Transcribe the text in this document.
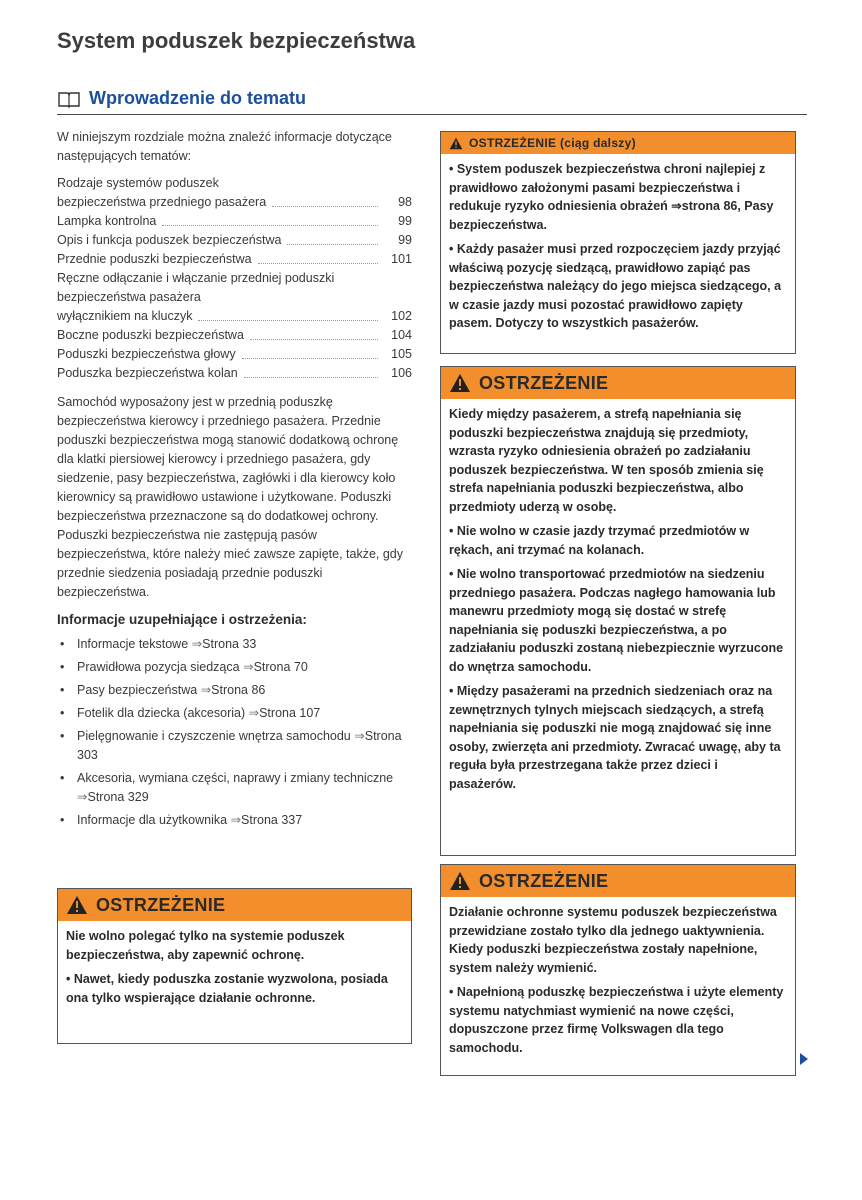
System poduszek bezpieczeństwa
Wprowadzenie do tematu

W niniejszym rozdziale można znaleźć informacje dotyczące następujących tematów:

Rodzaje systemów poduszek
bezpieczeństwa przedniego pasażera	98
Lampka kontrolna	99
Opis i funkcja poduszek bezpieczeństwa	99
Przednie poduszki bezpieczeństwa	101
Ręczne odłączanie i włączanie przedniej poduszki bezpieczeństwa pasażera
wyłącznikiem na kluczyk	102
Boczne poduszki bezpieczeństwa	104
Poduszki bezpieczeństwa głowy	105
Poduszka bezpieczeństwa kolan	106

Samochód wyposażony jest w przednią poduszkę bezpieczeństwa kierowcy i przedniego pasażera. Przednie poduszki bezpieczeństwa mogą stanowić dodatkową ochronę dla klatki piersiowej kierowcy i przedniego pasażera, gdy siedzenie, pasy bezpieczeństwa, zagłówki i dla kierowcy koło kierownicy są prawidłowo ustawione i użytkowane. Poduszki bezpieczeństwa przeznaczone są do dodatkowej ochrony. Poduszki bezpieczeństwa nie zastępują pasów bezpieczeństwa, które należy mieć zawsze zapięte, także, gdy przednie siedzenia posiadają przednie poduszki bezpieczeństwa.

Informacje uzupełniające i ostrzeżenia:

• Informacje tekstowe ⇒Strona 33
• Prawidłowa pozycja siedząca ⇒Strona 70
• Pasy bezpieczeństwa ⇒Strona 86
• Fotelik dla dziecka (akcesoria) ⇒Strona 107
• Pielęgnowanie i czyszczenie wnętrza samochodu ⇒Strona 303
• Akcesoria, wymiana części, naprawy i zmiany techniczne ⇒Strona 329
• Informacje dla użytkownika ⇒Strona 337
OSTRZEŻENIE

Nie wolno polegać tylko na systemie poduszek bezpieczeństwa, aby zapewnić ochronę.

• Nawet, kiedy poduszka zostanie wyzwolona, posiada ona tylko wspierające działanie ochronne.

OSTRZEŻENIE (ciąg dalszy)

• System poduszek bezpieczeństwa chroni najlepiej z prawidłowo założonymi pasami bezpieczeństwa i redukuje ryzyko odniesienia obrażeń ⇒strona 86, Pasy bezpieczeństwa.

• Każdy pasażer musi przed rozpoczęciem jazdy przyjąć właściwą pozycję siedzącą, prawidłowo zapiąć pas bezpieczeństwa należący do jego miejsca siedzącego, a w czasie jazdy musi pozostać prawidłowo zapięty pasem. Dotyczy to wszystkich pasażerów.

OSTRZEŻENIE

Kiedy między pasażerem, a strefą napełniania się poduszki bezpieczeństwa znajdują się przedmioty, wzrasta ryzyko odniesienia obrażeń po zadziałaniu poduszek bezpieczeństwa. W ten sposób zmienia się strefa napełniania poduszki bezpieczeństwa, albo przedmioty uderzą w osobę.

• Nie wolno w czasie jazdy trzymać przedmiotów w rękach, ani trzymać na kolanach.

• Nie wolno transportować przedmiotów na siedzeniu przedniego pasażera. Podczas nagłego hamowania lub manewru przedmioty mogą się dostać w strefę napełniania się poduszki bezpieczeństwa, a po zadziałaniu poduszki zostaną niebezpiecznie wyrzucone do wnętrza samochodu.

• Między pasażerami na przednich siedzeniach oraz na zewnętrznych tylnych miejscach siedzących, a strefą napełniania się poduszki nie mogą znajdować się inne osoby, zwierzęta ani przedmioty. Zwracać uwagę, aby ta reguła była przestrzegana także przez dzieci i pasażerów.

OSTRZEŻENIE

Działanie ochronne systemu poduszek bezpieczeństwa przewidziane zostało tylko dla jednego uaktywnienia. Kiedy poduszki bezpieczeństwa zostały napełnione, system należy wymienić.

• Napełnioną poduszkę bezpieczeństwa i użyte elementy systemu natychmiast wymienić na nowe części, dopuszczone przez firmę Volkswagen dla tego samochodu.
